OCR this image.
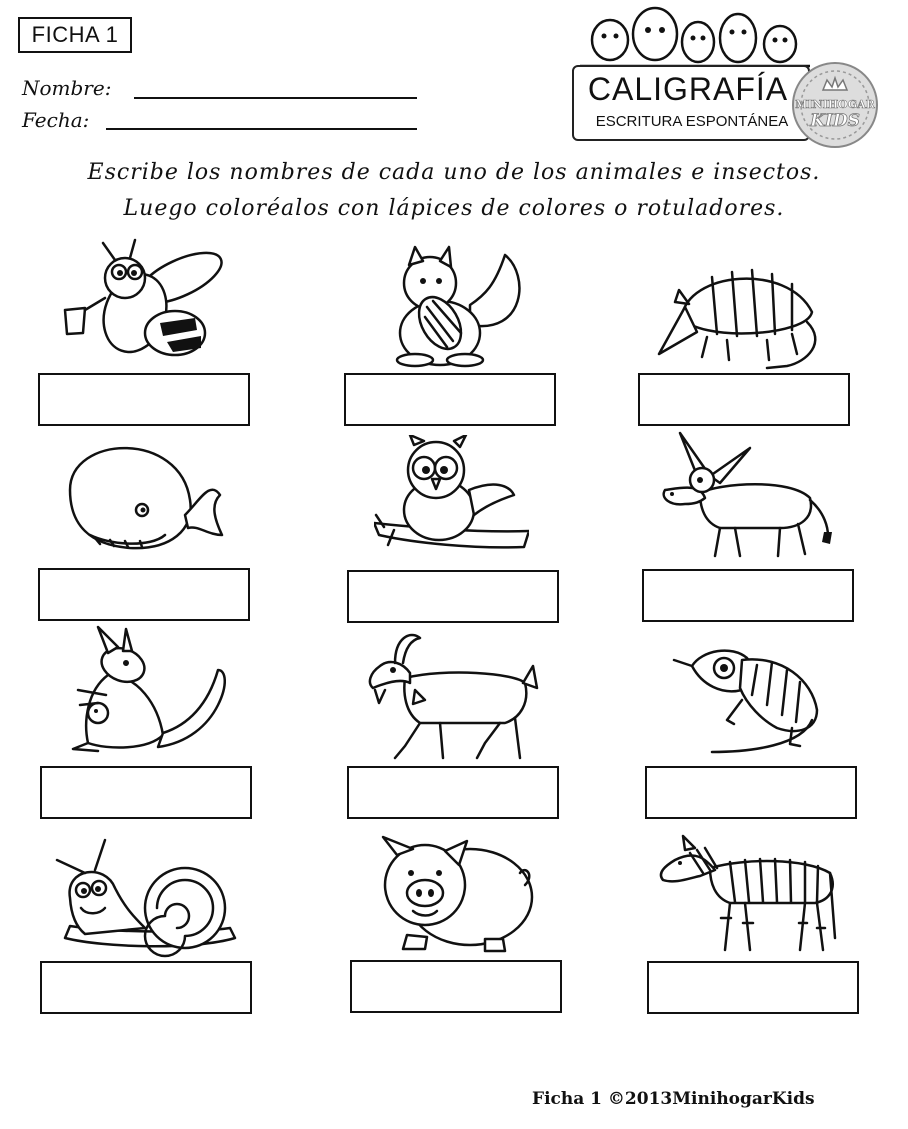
FICHA 1
Nombre:
Fecha:
CALIGRAFÍA
ESCRITURA ESPONTÁNEA
MINIHOGAR
KIDS
Escribe los nombres de cada uno de los animales e insectos.
Luego coloréalos con lápices de colores o rotuladores.
Ficha 1 ©2013MinihogarKids
